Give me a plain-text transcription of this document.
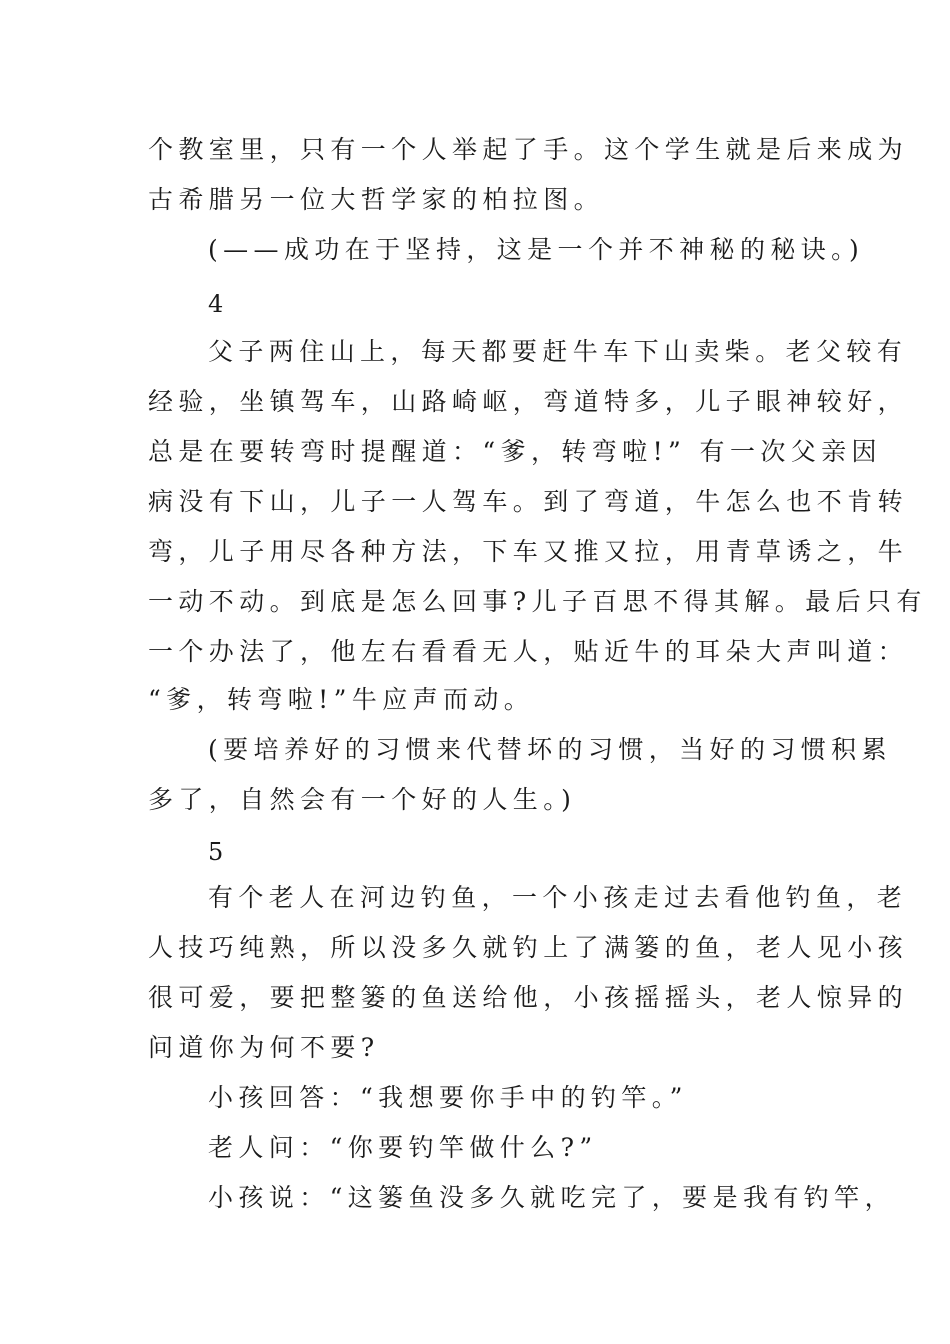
个教室里，只有一个人举起了手。这个学生就是后来成为
古希腊另一位大哲学家的柏拉图。
(——成功在于坚持，这是一个并不神秘的秘诀。)
4
父子两住山上，每天都要赶牛车下山卖柴。老父较有
经验，坐镇驾车，山路崎岖，弯道特多，儿子眼神较好，
总是在要转弯时提醒道：“爹，转弯啦!” 有一次父亲因
病没有下山，儿子一人驾车。到了弯道，牛怎么也不肯转
弯，儿子用尽各种方法，下车又推又拉，用青草诱之，牛
一动不动。到底是怎么回事?儿子百思不得其解。最后只有
一个办法了，他左右看看无人，贴近牛的耳朵大声叫道：
“爹，转弯啦!”牛应声而动。
(要培养好的习惯来代替坏的习惯，当好的习惯积累
多了，自然会有一个好的人生。)
5
有个老人在河边钓鱼，一个小孩走过去看他钓鱼，老
人技巧纯熟，所以没多久就钓上了满篓的鱼，老人见小孩
很可爱，要把整篓的鱼送给他，小孩摇摇头，老人惊异的
问道你为何不要?
小孩回答：“我想要你手中的钓竿。”
老人问：“你要钓竿做什么?”
小孩说：“这篓鱼没多久就吃完了，要是我有钓竿，
